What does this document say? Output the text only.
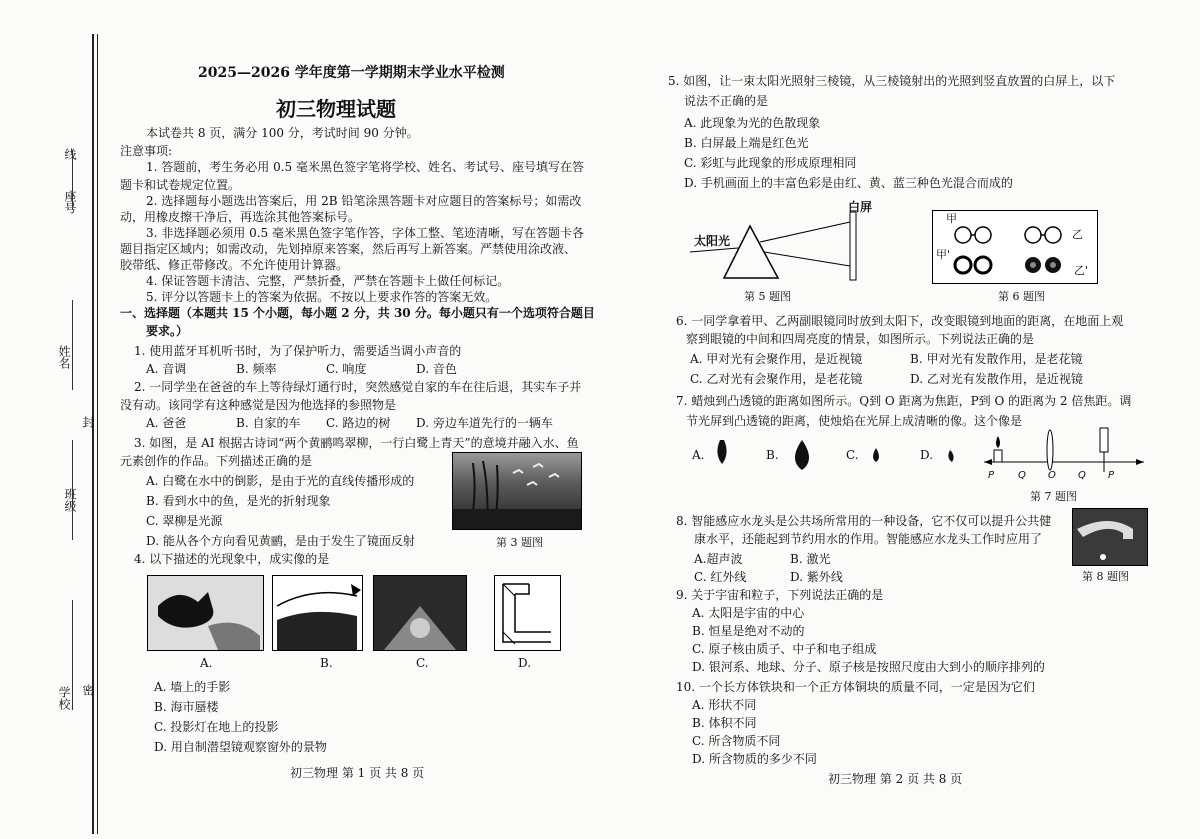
座号
线
姓名
封
班级
学校 密
2025—2026 学年度第一学期期末学业水平检测
初三物理试题
本试卷共 8 页，满分 100 分，考试时间 90 分钟。
注意事项:
1. 答题前，考生务必用 0.5 毫米黑色签字笔将学校、姓名、考试号、座号填写在答
题卡和试卷规定位置。
2. 选择题每小题选出答案后，用 2B 铅笔涂黑答题卡对应题目的答案标号；如需改
动，用橡皮擦干净后，再选涂其他答案标号。
3. 非选择题必须用 0.5 毫米黑色签字笔作答，字体工整、笔迹清晰，写在答题卡各
题目指定区域内；如需改动，先划掉原来答案，然后再写上新答案。严禁使用涂改液、
胶带纸、修正带修改。不允许使用计算器。
4. 保证答题卡清洁、完整，严禁折叠，严禁在答题卡上做任何标记。
5. 评分以答题卡上的答案为依据。不按以上要求作答的答案无效。
一、选择题（本题共 15 个小题，每小题 2 分，共 30 分。每小题只有一个选项符合题目
要求。）
1. 使用蓝牙耳机听书时，为了保护听力，需要适当调小声音的
A. 音调	B. 频率	C. 响度	D. 音色
2. 一同学坐在爸爸的车上等待绿灯通行时，突然感觉自家的车在往后退，其实车子并
没有动。该同学有这种感觉是因为他选择的参照物是
A. 爸爸	B. 自家的车 C. 路边的树 D. 旁边车道先行的一辆车
3. 如图，是 AI 根据古诗词“两个黄鹂鸣翠柳，一行白鹭上青天”的意境并融入水、鱼
元素创作的作品。下列描述正确的是
A. 白鹭在水中的倒影，是由于光的直线传播形成的
B. 看到水中的鱼，是光的折射现象
C. 翠柳是光源
D. 能从各个方向看见黄鹂，是由于发生了镜面反射	第 3 题图
4. 以下描述的光现象中，成实像的是
A.	B.	C.	D.
A. 墙上的手影
B. 海市蜃楼
C. 投影灯在地上的投影
D. 用自制潜望镜观察窗外的景物
初三物理 第 1 页 共 8 页
5. 如图，让一束太阳光照射三棱镜，从三棱镜射出的光照到竖直放置的白屏上，以下
说法不正确的是
A. 此现象为光的色散现象
B. 白屏最上端是红色光
C. 彩虹与此现象的形成原理相同
D. 手机画面上的丰富色彩是由红、黄、蓝三种色光混合而成的
白屏
太阳光
第 5 题图
甲
乙
甲'
乙'
第 6 题图
6. 一同学拿着甲、乙两副眼镜同时放到太阳下，改变眼镜到地面的距离，在地面上观
察到眼镜的中间和四周亮度的情景，如图所示。下列说法正确的是
A. 甲对光有会聚作用，是近视镜	B. 甲对光有发散作用，是老花镜
C. 乙对光有会聚作用，是老花镜	D. 乙对光有发散作用，是近视镜
7. 蜡烛到凸透镜的距离如图所示。Q到 O 距离为焦距，P到 O 的距离为 2 倍焦距。调
节光屏到凸透镜的距离，使烛焰在光屏上成清晰的像。这个像是
A.	B.	C.	D.
P Q O Q P
第 7 题图
8. 智能感应水龙头是公共场所常用的一种设备，它不仅可以提升公共健
康水平，还能起到节约用水的作用。智能感应水龙头工作时应用了
A.超声波	B. 激光
C. 红外线	D. 紫外线	第 8 题图
9. 关于宇宙和粒子，下列说法正确的是
A. 太阳是宇宙的中心
B. 恒星是绝对不动的
C. 原子核由质子、中子和电子组成
D. 银河系、地球、分子、原子核是按照尺度由大到小的顺序排列的
10. 一个长方体铁块和一个正方体铜块的质量不同，一定是因为它们
A. 形状不同
B. 体积不同
C. 所含物质不同
D. 所含物质的多少不同
初三物理 第 2 页 共 8 页
